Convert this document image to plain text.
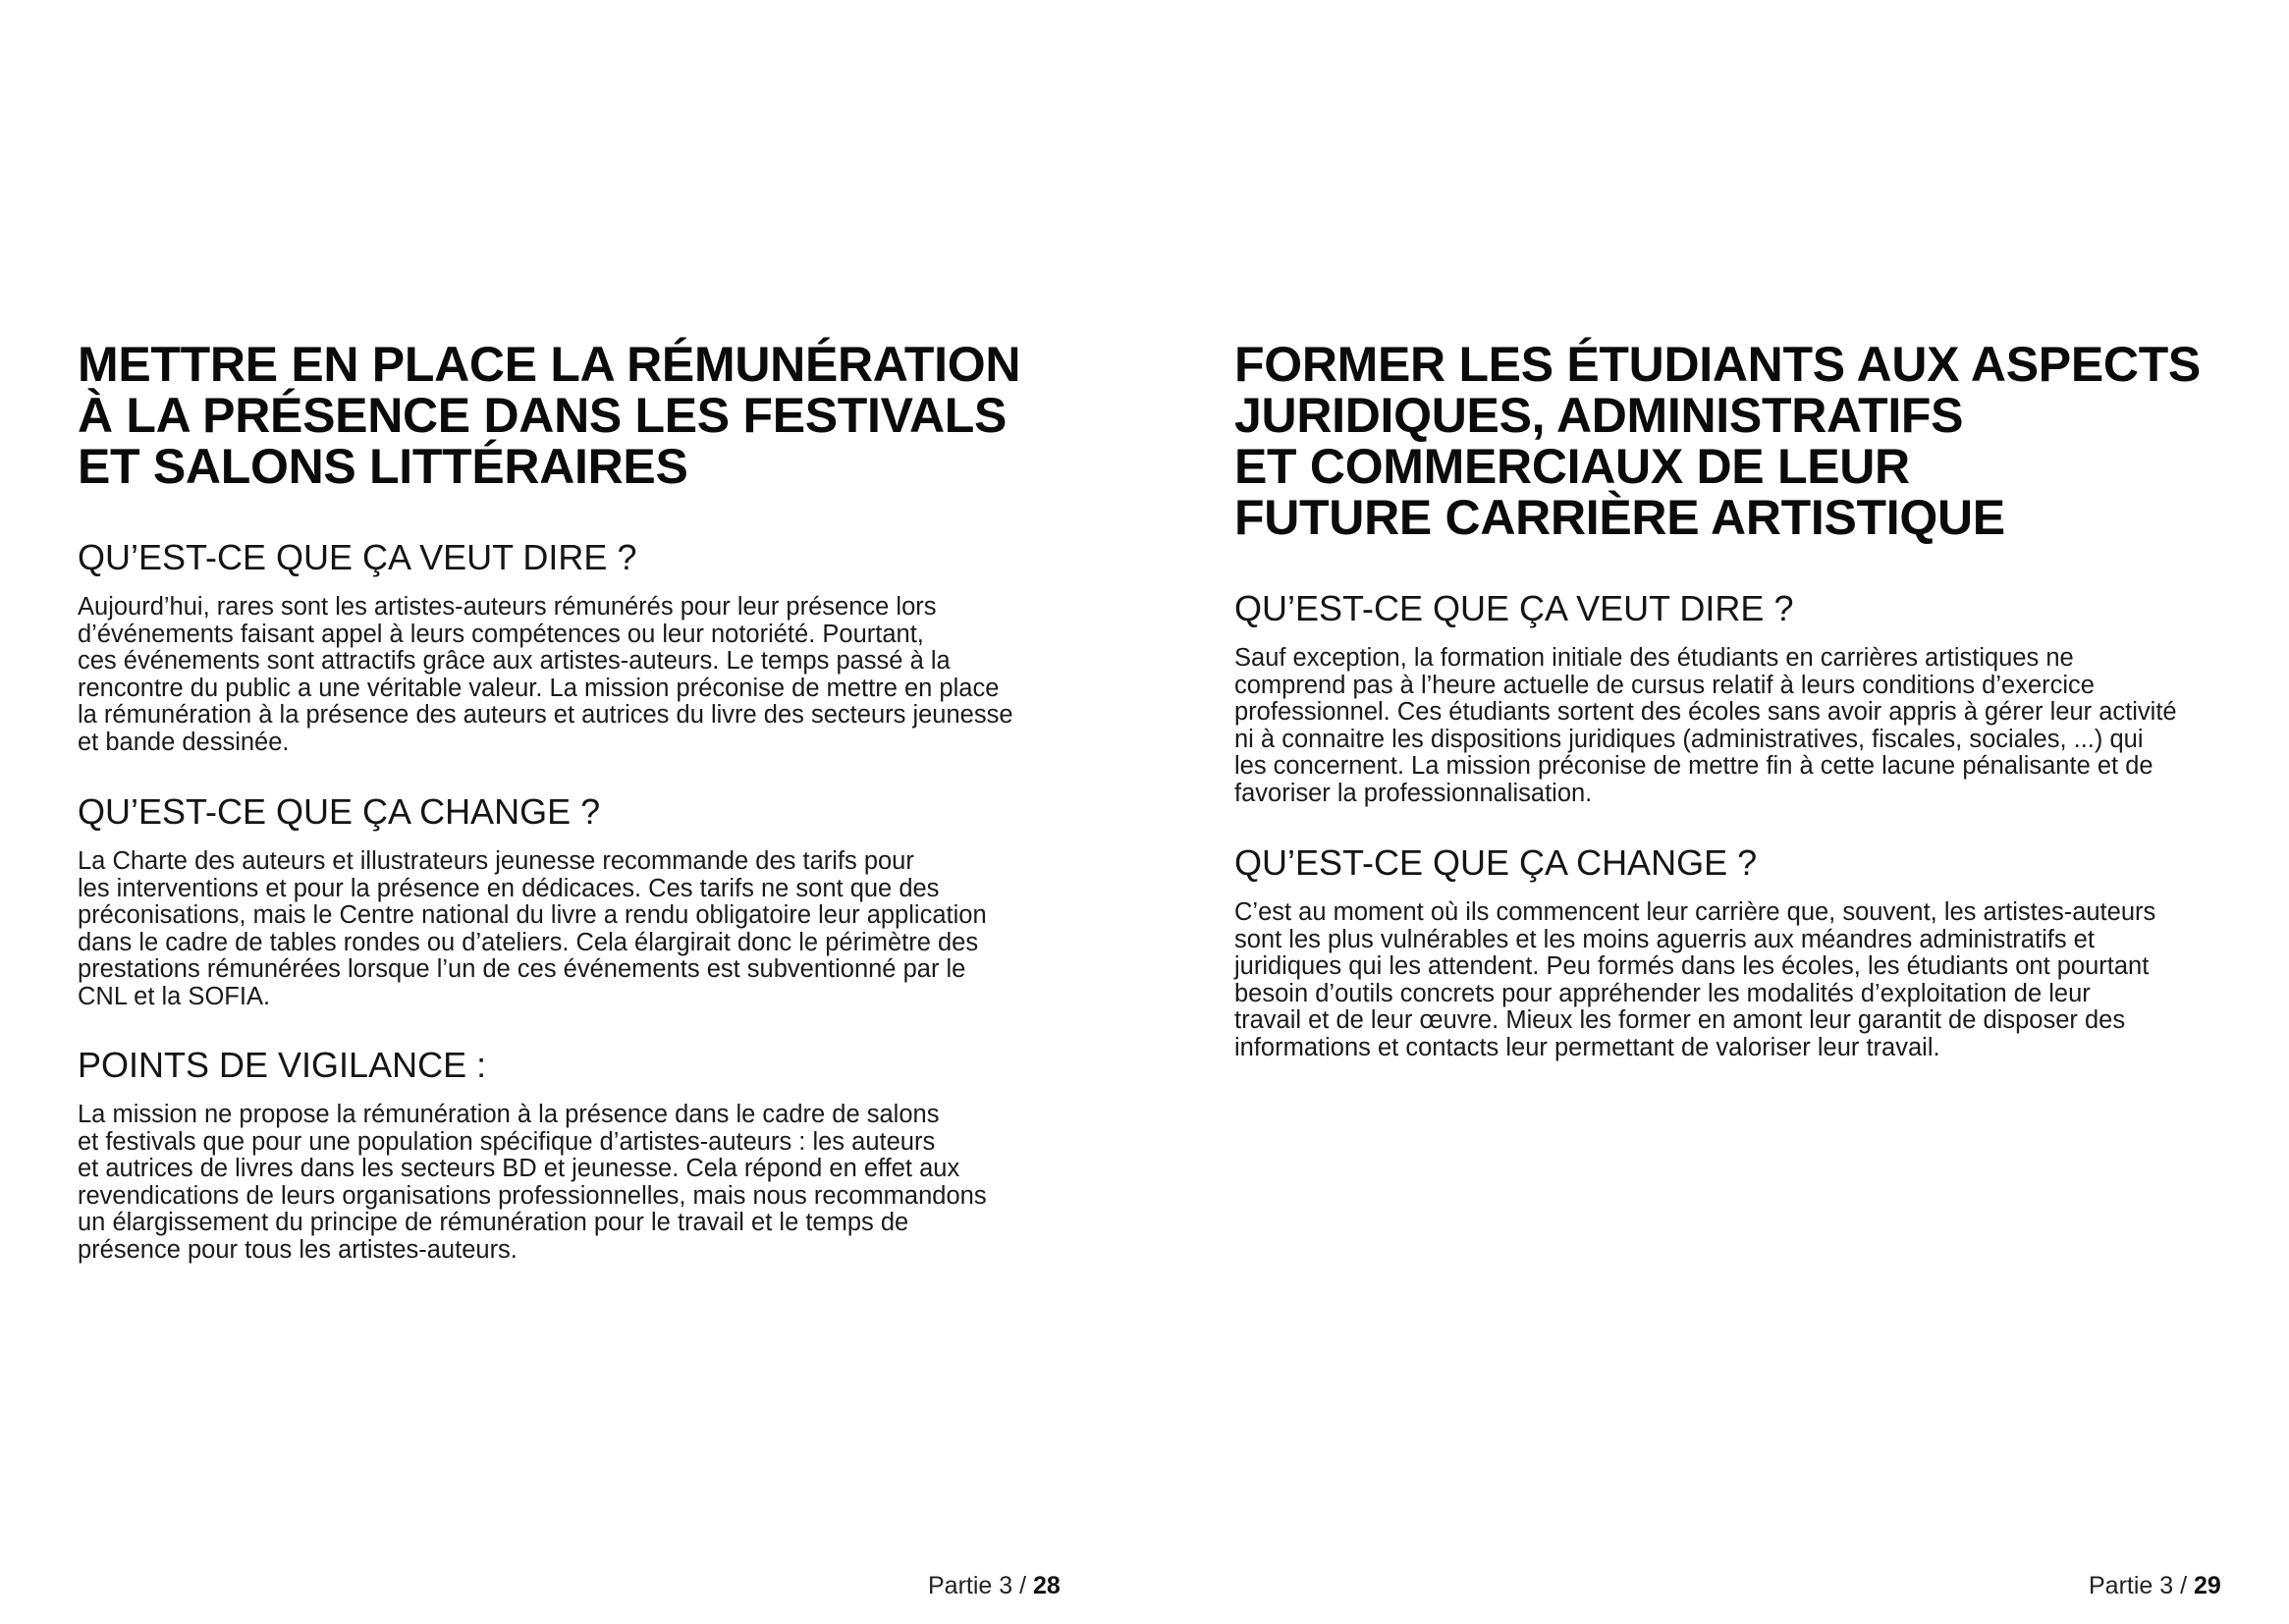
METTRE EN PLACE LA RÉMUNÉRATION
À LA PRÉSENCE DANS LES FESTIVALS
ET SALONS LITTÉRAIRES
QU’EST-CE QUE ÇA VEUT DIRE ?

Aujourd’hui, rares sont les artistes-auteurs rémunérés pour leur présence lors
d’événements faisant appel à leurs compétences ou leur notoriété. Pourtant,
ces événements sont attractifs grâce aux artistes-auteurs. Le temps passé à la
rencontre du public a une véritable valeur. La mission préconise de mettre en place
la rémunération à la présence des auteurs et autrices du livre des secteurs jeunesse
et bande dessinée.

QU’EST-CE QUE ÇA CHANGE ?

La Charte des auteurs et illustrateurs jeunesse recommande des tarifs pour
les interventions et pour la présence en dédicaces. Ces tarifs ne sont que des
préconisations, mais le Centre national du livre a rendu obligatoire leur application
dans le cadre de tables rondes ou d’ateliers. Cela élargirait donc le périmètre des
prestations rémunérées lorsque l’un de ces événements est subventionné par le
CNL et la SOFIA.

POINTS DE VIGILANCE :

La mission ne propose la rémunération à la présence dans le cadre de salons
et festivals que pour une population spécifique d’artistes-auteurs : les auteurs
et autrices de livres dans les secteurs BD et jeunesse. Cela répond en effet aux
revendications de leurs organisations professionnelles, mais nous recommandons
un élargissement du principe de rémunération pour le travail et le temps de
présence pour tous les artistes-auteurs.

Partie 3 / 28
FORMER LES ÉTUDIANTS AUX ASPECTS
JURIDIQUES, ADMINISTRATIFS
ET COMMERCIAUX DE LEUR
FUTURE CARRIÈRE ARTISTIQUE
QU’EST-CE QUE ÇA VEUT DIRE ?

Sauf exception, la formation initiale des étudiants en carrières artistiques ne
comprend pas à l’heure actuelle de cursus relatif à leurs conditions d’exercice
professionnel. Ces étudiants sortent des écoles sans avoir appris à gérer leur activité
ni à connaitre les dispositions juridiques (administratives, fiscales, sociales, ...) qui
les concernent. La mission préconise de mettre fin à cette lacune pénalisante et de
favoriser la professionnalisation.

QU’EST-CE QUE ÇA CHANGE ?

C’est au moment où ils commencent leur carrière que, souvent, les artistes-auteurs
sont les plus vulnérables et les moins aguerris aux méandres administratifs et
juridiques qui les attendent. Peu formés dans les écoles, les étudiants ont pourtant
besoin d’outils concrets pour appréhender les modalités d’exploitation de leur
travail et de leur œuvre. Mieux les former en amont leur garantit de disposer des
informations et contacts leur permettant de valoriser leur travail.

Partie 3 / 29
